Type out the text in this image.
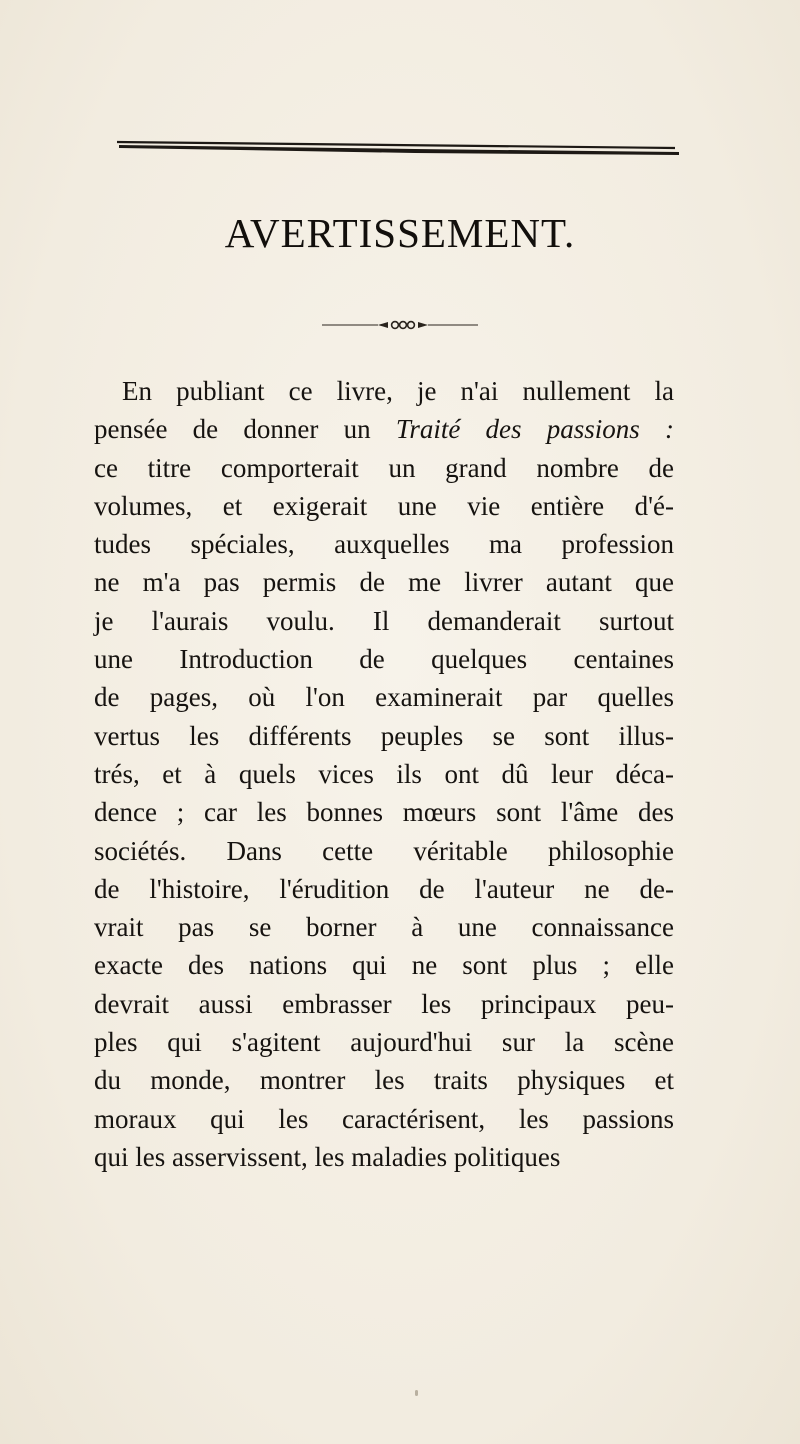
AVERTISSEMENT.
En publiant ce livre, je n'ai nullement la
pensée de donner un Traité des passions :
ce titre comporterait un grand nombre de
volumes, et exigerait une vie entière d'é-
tudes spéciales, auxquelles ma profession
ne m'a pas permis de me livrer autant que
je l'aurais voulu. Il demanderait surtout
une Introduction de quelques centaines
de pages, où l'on examinerait par quelles
vertus les différents peuples se sont illus-
trés, et à quels vices ils ont dû leur déca-
dence ; car les bonnes mœurs sont l'âme des
sociétés. Dans cette véritable philosophie
de l'histoire, l'érudition de l'auteur ne de-
vrait pas se borner à une connaissance
exacte des nations qui ne sont plus ; elle
devrait aussi embrasser les principaux peu-
ples qui s'agitent aujourd'hui sur la scène
du monde, montrer les traits physiques et
moraux qui les caractérisent, les passions
qui les asservissent, les maladies politiques
